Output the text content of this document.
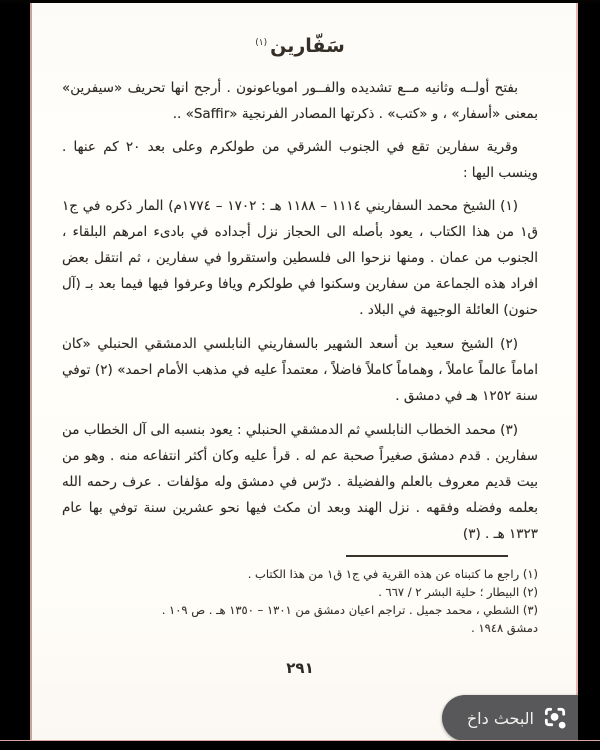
سَفّارين$^{(١)}$

بفتح أولــه وثانيه مــع تشديده والفــور اموياعونون . أرجح انها تحريف «سيفرين» بمعنى «أسفار» ، و «كتب» . ذكرتها المصادر الفرنجية «Saffir» ..

وقرية سفارين تقع في الجنوب الشرقي من طولكرم وعلى بعد ٢٠ كم عنها . وينسب اليها :

(١) الشيخ محمد السفاريني ١١١٤ – ١١٨٨ هـ : ١٧٠٢ – ١٧٧٤م) المار ذكره في ج١ ق١ من هذا الكتاب ، يعود بأصله الى الحجاز نزل أجداده في بادىء امرهم البلقاء ، الجنوب من عمان . ومنها نزحوا الى فلسطين واستقروا في سفارين ، ثم انتقل بعض افراد هذه الجماعة من سفارين وسكنوا في طولكرم ويافا وعرفوا فيها فيما بعد بـ (آل حنون) العائلة الوجيهة في البلاد .

(٢) الشيخ سعيد بن أسعد الشهير بالسفاريني النابلسي الدمشقي الحنبلي «كان اماماً عالماً عاملاً ، وهماماً كاملاً فاضلاً ، معتمداً عليه في مذهب الأمام احمد» (٢) توفي سنة ١٢٥٢ هـ في دمشق .

(٣) محمد الخطاب النابلسي ثم الدمشقي الحنبلي : يعود بنسبه الى آل الخطاب من سفارين . قدم دمشق صغيراً صحبة عم له . قرأ عليه وكان أكثر انتفاعه منه . وهو من بيت قديم معروف بالعلم والفضيلة . درّس في دمشق وله مؤلفات . عرف رحمه الله بعلمه وفضله وفقهه . نزل الهند وبعد ان مكث فيها نحو عشرين سنة توفي بها عام ١٣٢٣ هـ . (٣)

(١) راجع ما كتبناه عن هذه القرية في ج١ ق١ من هذا الكتاب .
(٢) البيطار ؛ حلية البشر ٢ / ٦٦٧ .
(٣) الشطي ، محمد جميل . تراجم اعيان دمشق من ١٣٠١ – ١٣٥٠ هـ . ص ١٠٩ .
دمشق ١٩٤٨ .
٢٩١
البحث داخ
